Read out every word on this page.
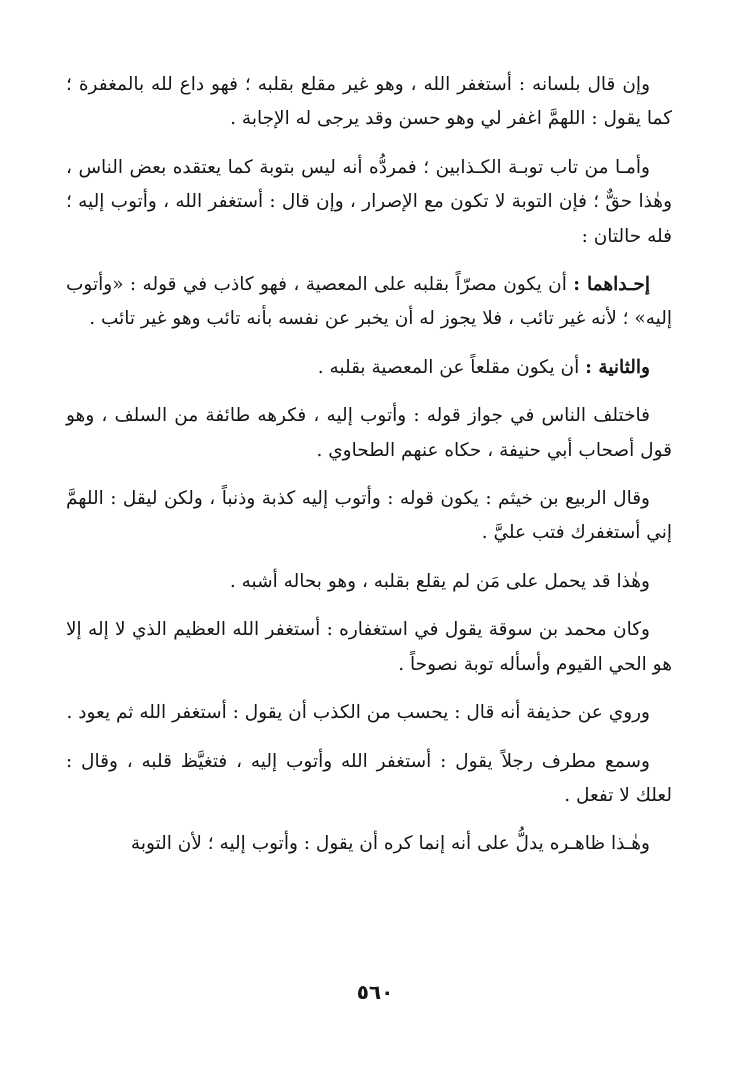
وإن قال بلسانه : أستغفر الله ، وهو غير مقلع بقلبه ؛ فهو داع لله بالمغفرة ؛ كما يقول : اللهمَّ اغفر لي وهو حسن وقد يرجى له الإجابة .

وأمـا من تاب توبـة الكـذابين ؛ فمردُّه أنه ليس بتوبة كما يعتقده بعض الناس ، وهٰذا حقٌّ ؛ فإن التوبة لا تكون مع الإصرار ، وإن قال : أستغفر الله ، وأتوب إليه ؛ فله حالتان :

إحـداهما : أن يكون مصرّاً بقلبه على المعصية ، فهو كاذب في قوله : «وأتوب إليه» ؛ لأنه غير تائب ، فلا يجوز له أن يخبر عن نفسه بأنه تائب وهو غير تائب .

والثانية : أن يكون مقلعاً عن المعصية بقلبه .

فاختلف الناس في جواز قوله : وأتوب إليه ، فكرهه طائفة من السلف ، وهو قول أصحاب أبي حنيفة ، حكاه عنهم الطحاوي .

وقال الربيع بن خيثم : يكون قوله : وأتوب إليه كذبة وذنباً ، ولكن ليقل : اللهمَّ إني أستغفرك فتب عليَّ .

وهٰذا قد يحمل على مَن لم يقلع بقلبه ، وهو بحاله أشبه .

وكان محمد بن سوقة يقول في استغفاره : أستغفر الله العظيم الذي لا إله إلا هو الحي القيوم وأسأله توبة نصوحاً .

وروي عن حذيفة أنه قال : يحسب من الكذب أن يقول : أستغفر الله ثم يعود .

وسمع مطرف رجلاً يقول : أستغفر الله وأتوب إليه ، فتغيَّظ قلبه ، وقال : لعلك لا تفعل .

وهٰـذا ظاهـره يدلُّ على أنه إنما كره أن يقول : وأتوب إليه ؛ لأن التوبة

٥٦٠
